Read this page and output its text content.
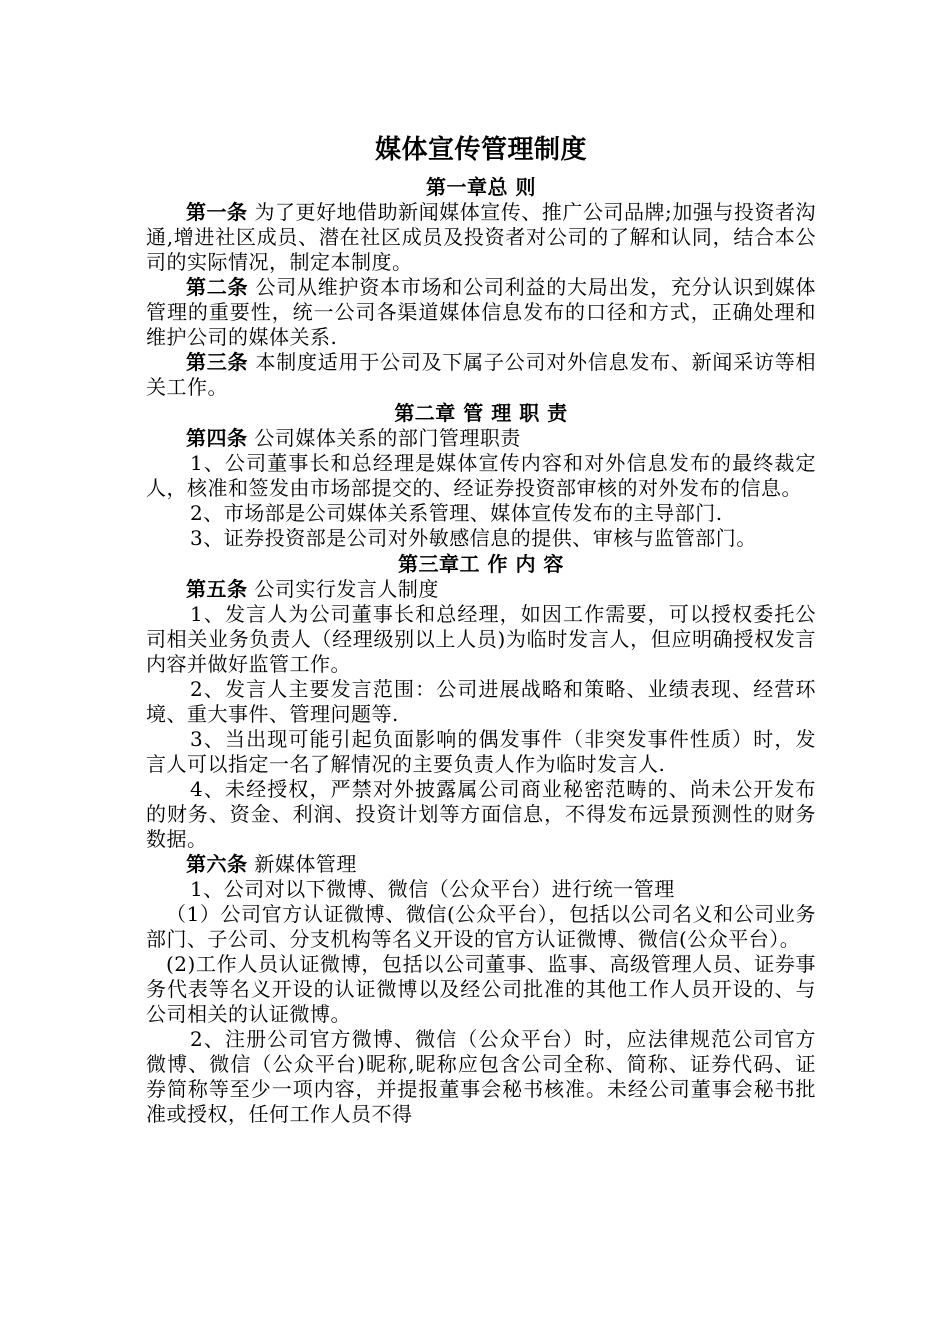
媒体宣传管理制度
第一章总 则

第一条 为了更好地借助新闻媒体宣传、推广公司品牌;加强与投资者沟通,增进社区成员、潜在社区成员及投资者对公司的了解和认同，结合本公司的实际情况，制定本制度。

第二条 公司从维护资本市场和公司利益的大局出发，充分认识到媒体管理的重要性，统一公司各渠道媒体信息发布的口径和方式，正确处理和维护公司的媒体关系.

第三条 本制度适用于公司及下属子公司对外信息发布、新闻采访等相关工作。

第二章 管 理 职 责

第四条 公司媒体关系的部门管理职责

1、公司董事长和总经理是媒体宣传内容和对外信息发布的最终裁定人，核准和签发由市场部提交的、经证券投资部审核的对外发布的信息。

2、市场部是公司媒体关系管理、媒体宣传发布的主导部门.

3、证券投资部是公司对外敏感信息的提供、审核与监管部门。

第三章工 作 内 容

第五条 公司实行发言人制度

1、发言人为公司董事长和总经理，如因工作需要，可以授权委托公司相关业务负责人（经理级别以上人员)为临时发言人，但应明确授权发言内容并做好监管工作。

2、发言人主要发言范围：公司进展战略和策略、业绩表现、经营环境、重大事件、管理问题等.

3、当出现可能引起负面影响的偶发事件（非突发事件性质）时，发言人可以指定一名了解情况的主要负责人作为临时发言人.

4、未经授权，严禁对外披露属公司商业秘密范畴的、尚未公开发布的财务、资金、利润、投资计划等方面信息，不得发布远景预测性的财务数据。

第六条 新媒体管理

1、公司对以下微博、微信（公众平台）进行统一管理

（1）公司官方认证微博、微信(公众平台），包括以公司名义和公司业务部门、子公司、分支机构等名义开设的官方认证微博、微信(公众平台）。

(2)工作人员认证微博，包括以公司董事、监事、高级管理人员、证券事务代表等名义开设的认证微博以及经公司批准的其他工作人员开设的、与公司相关的认证微博。

2、注册公司官方微博、微信（公众平台）时，应法律规范公司官方微博、微信（公众平台)昵称,昵称应包含公司全称、简称、证券代码、证券简称等至少一项内容，并提报董事会秘书核准。未经公司董事会秘书批准或授权，任何工作人员不得
